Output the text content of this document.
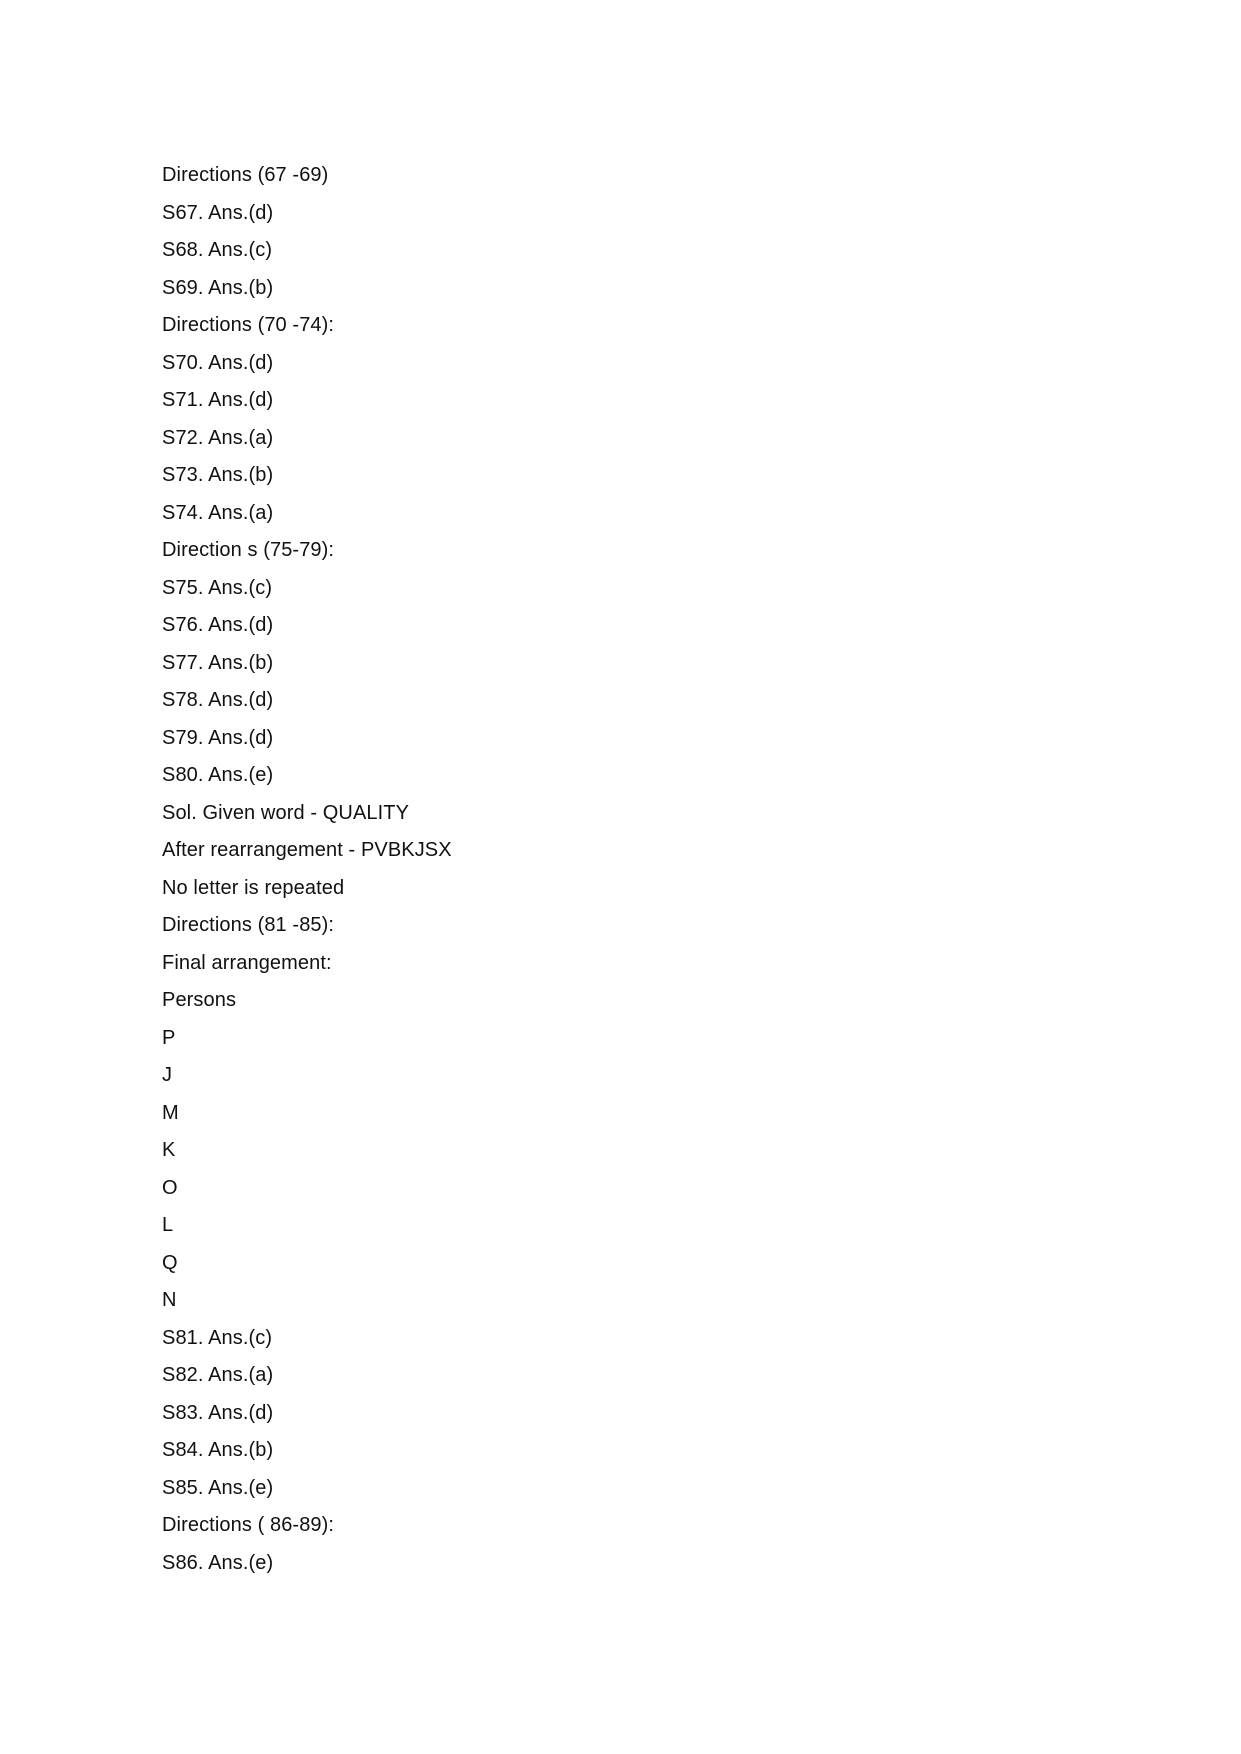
Directions (67 -69)
S67. Ans.(d)
S68. Ans.(c)
S69. Ans.(b)
Directions (70 -74):
S70. Ans.(d)
S71. Ans.(d)
S72. Ans.(a)
S73. Ans.(b)
S74. Ans.(a)
Direction s (75-79):
S75. Ans.(c)
S76. Ans.(d)
S77. Ans.(b)
S78. Ans.(d)
S79. Ans.(d)
S80. Ans.(e)
Sol. Given word - QUALITY
After rearrangement - PVBKJSX
No letter is repeated
Directions (81 -85):
Final arrangement:
Persons
P
J
M
K
O
L
Q
N
S81. Ans.(c)
S82. Ans.(a)
S83. Ans.(d)
S84. Ans.(b)
S85. Ans.(e)
Directions ( 86-89):
S86. Ans.(e)
